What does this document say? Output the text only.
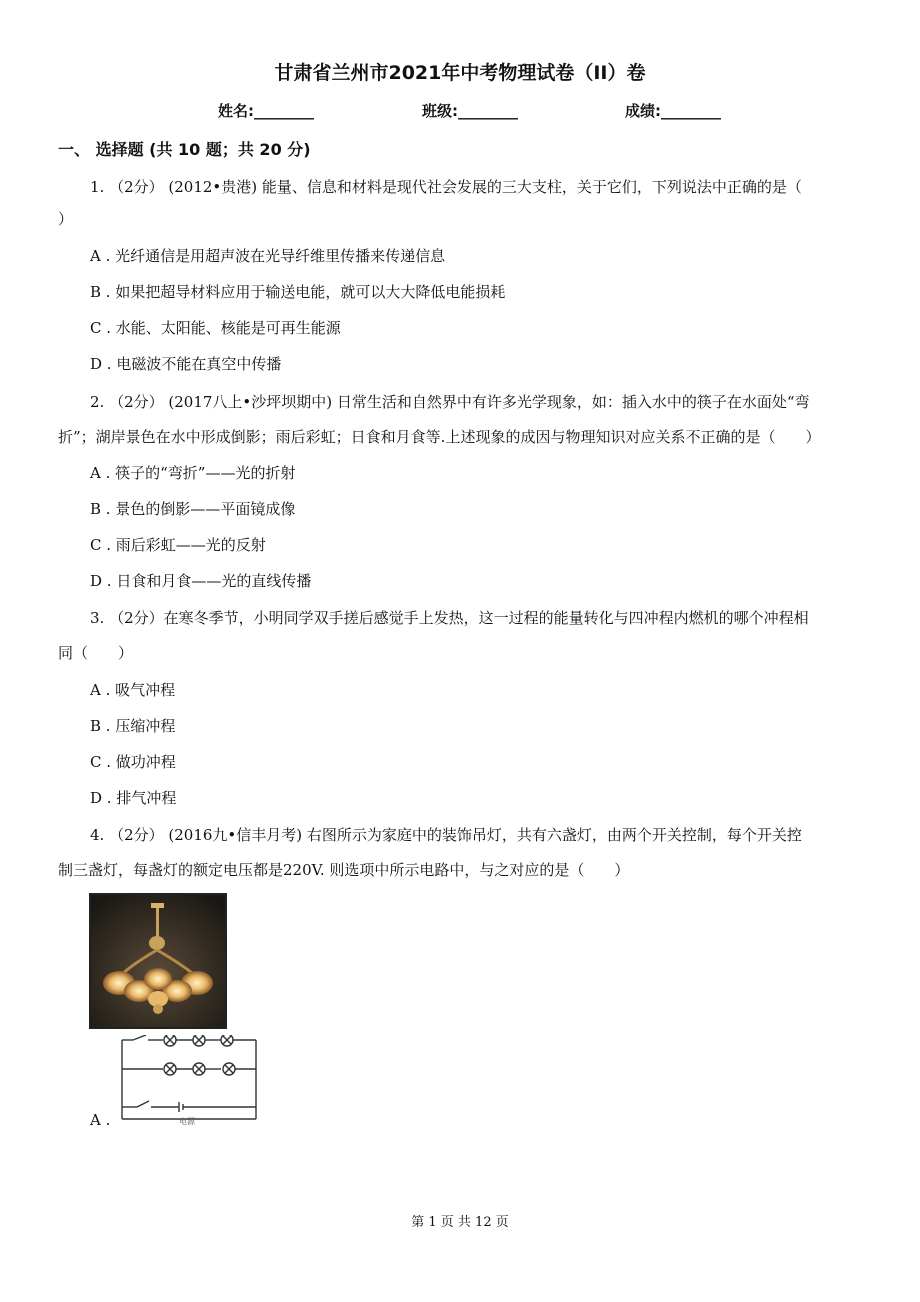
甘肃省兰州市2021年中考物理试卷（II）卷
姓名:________	班级:________	成绩:________
一、 选择题 (共 10 题；共 20 分)
1. （2分） (2012•贵港) 能量、信息和材料是现代社会发展的三大支柱，关于它们，下列说法中正确的是（
）
A . 光纤通信是用超声波在光导纤维里传播来传递信息
B . 如果把超导材料应用于输送电能，就可以大大降低电能损耗
C . 水能、太阳能、核能是可再生能源
D . 电磁波不能在真空中传播
2. （2分） (2017八上•沙坪坝期中) 日常生活和自然界中有许多光学现象，如：插入水中的筷子在水面处“弯
折”；湖岸景色在水中形成倒影；雨后彩虹；日食和月食等.上述现象的成因与物理知识对应关系不正确的是（　　）
A . 筷子的“弯折”——光的折射
B . 景色的倒影——平面镜成像
C . 雨后彩虹——光的反射
D . 日食和月食——光的直线传播
3. （2分）在寒冬季节，小明同学双手搓后感觉手上发热，这一过程的能量转化与四冲程内燃机的哪个冲程相
同（　　）
A . 吸气冲程
B . 压缩冲程
C . 做功冲程
D . 排气冲程
4. （2分） (2016九•信丰月考) 右图所示为家庭中的装饰吊灯，共有六盏灯，由两个开关控制，每个开关控
制三盏灯，每盏灯的额定电压都是220V. 则选项中所示电路中，与之对应的是（　　）
A .	电源
第 1 页 共 12 页
